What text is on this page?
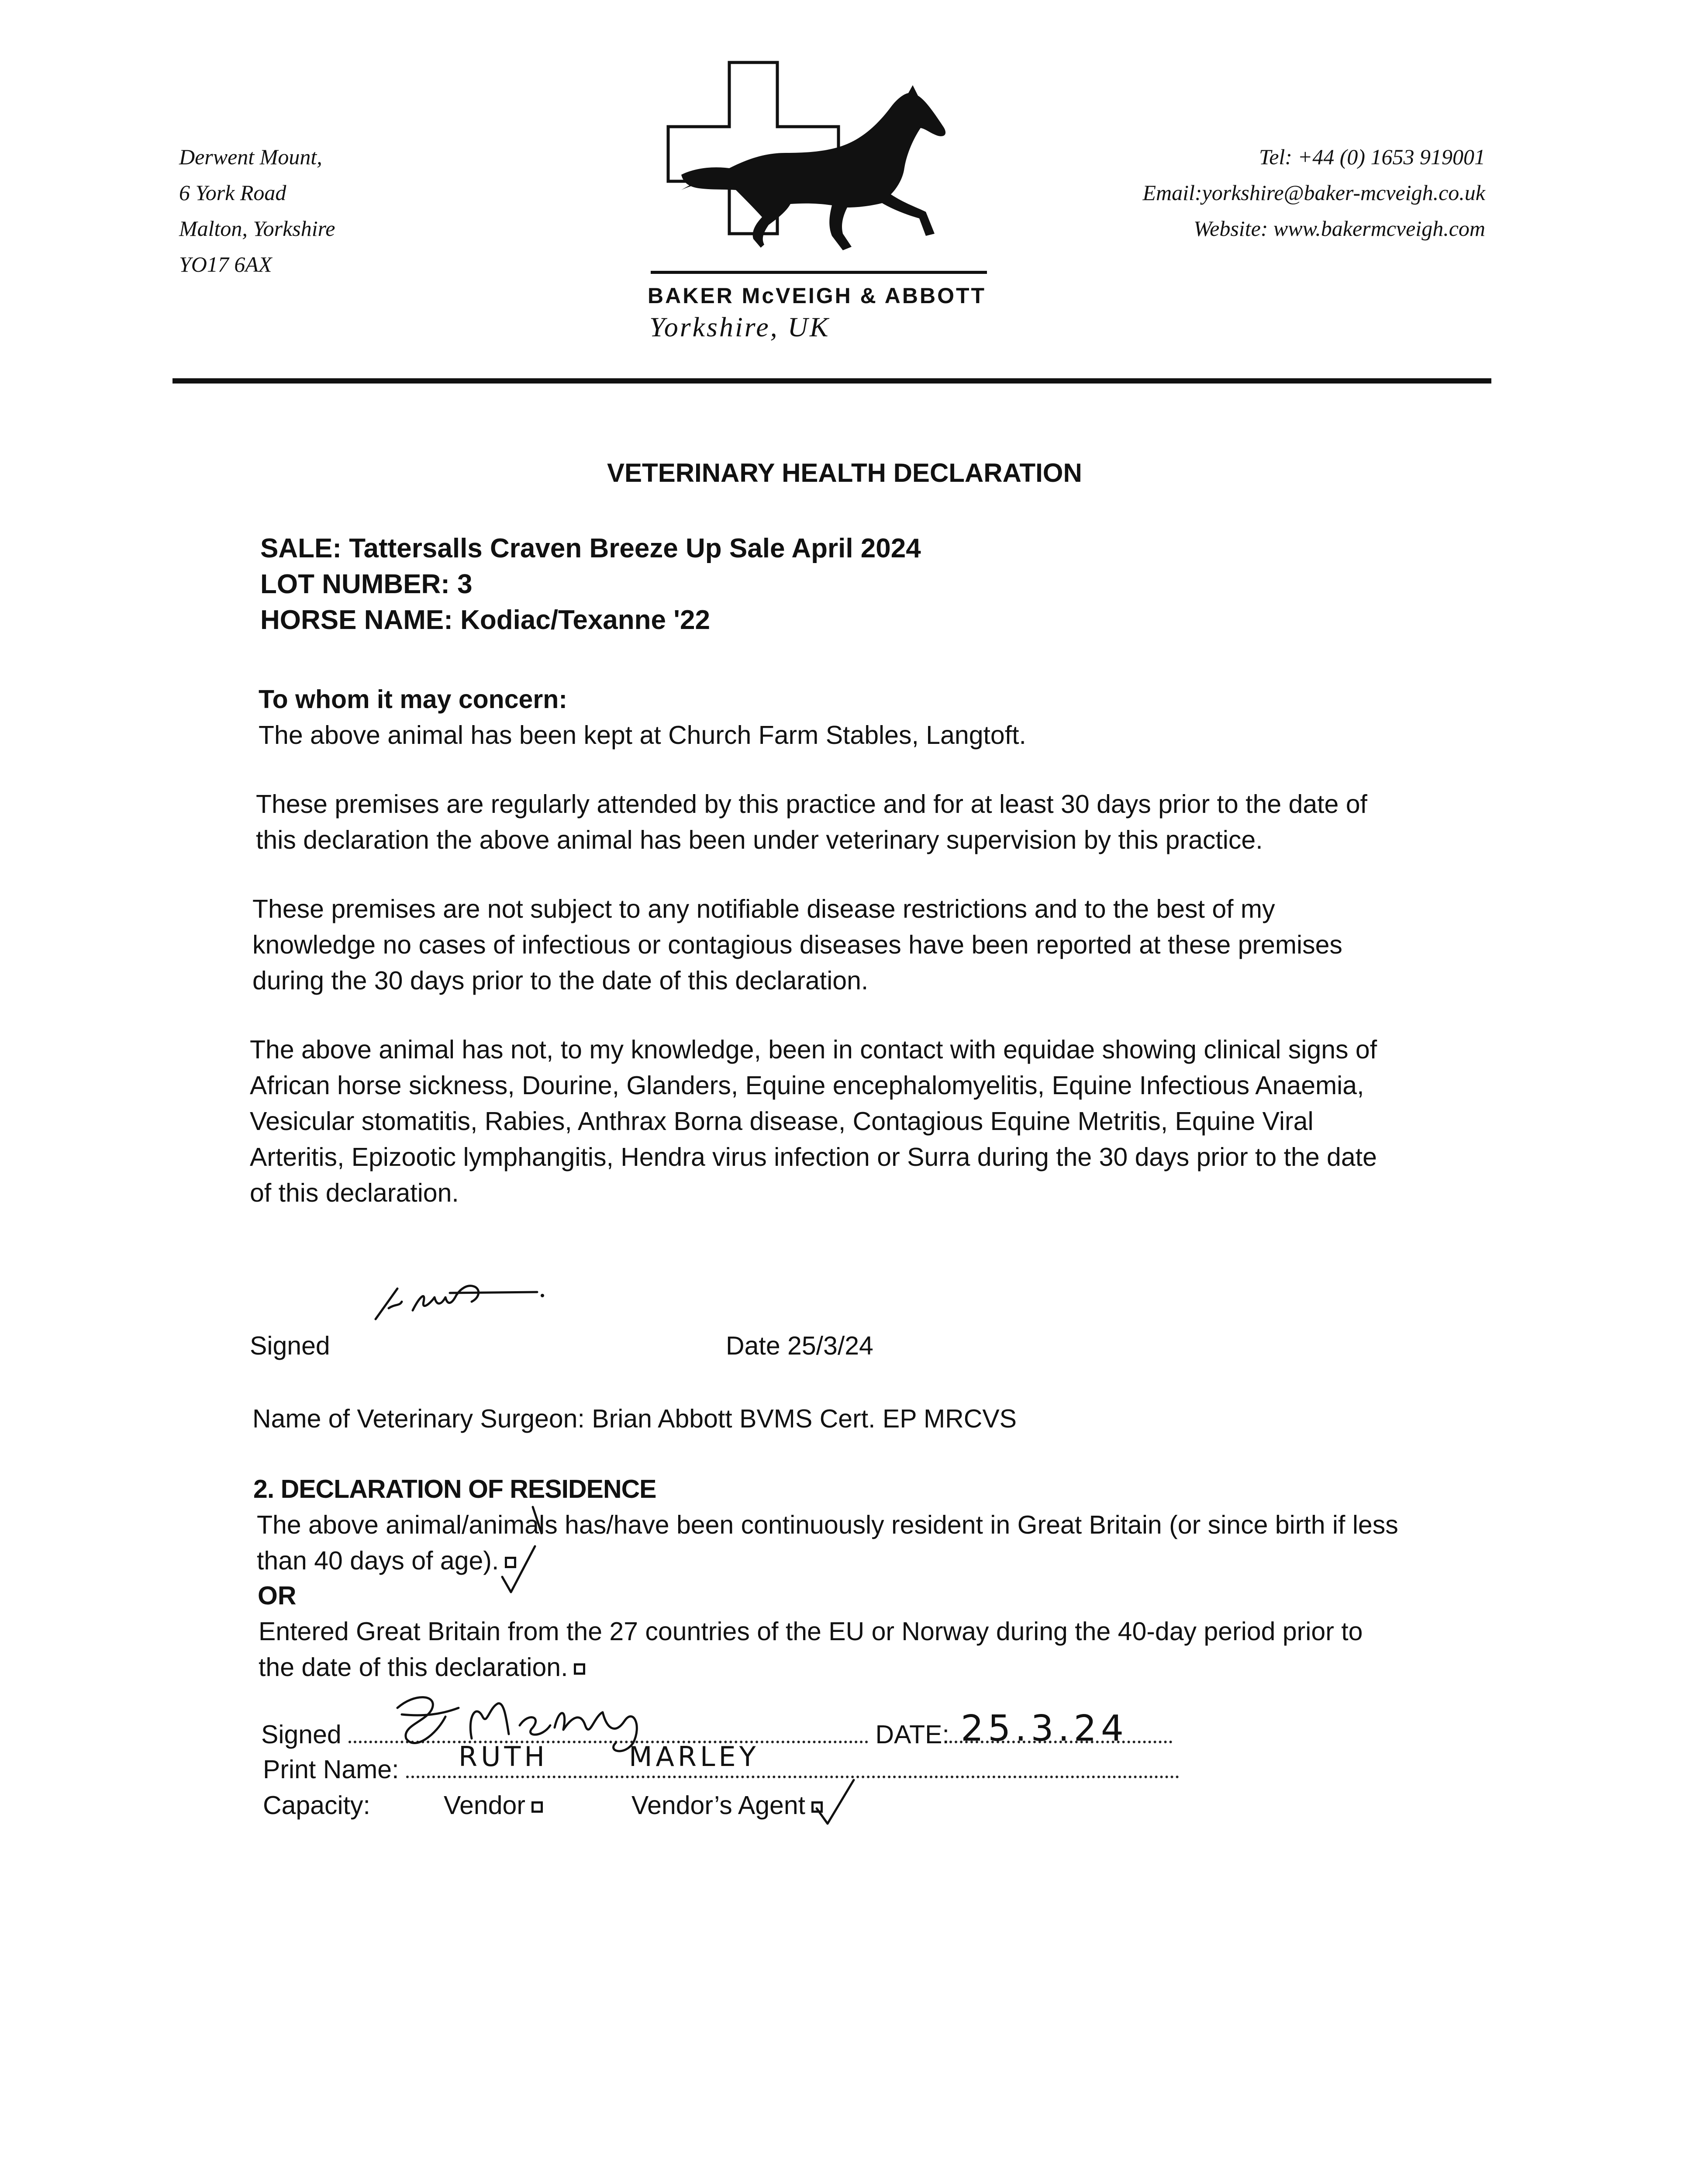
Derwent Mount,
6 York Road
Malton, Yorkshire
YO17 6AX
BAKER McVEIGH & ABBOTT
Yorkshire, UK
Tel: +44 (0) 1653 919001
Email:yorkshire@baker-mcveigh.co.uk
Website: www.bakermcveigh.com
VETERINARY HEALTH DECLARATION
SALE: Tattersalls Craven Breeze Up Sale April 2024
LOT NUMBER: 3
HORSE NAME: Kodiac/Texanne '22
To whom it may concern:
The above animal has been kept at Church Farm Stables, Langtoft.
These premises are regularly attended by this practice and for at least 30 days prior to the date of
this declaration the above animal has been under veterinary supervision by this practice.
These premises are not subject to any notifiable disease restrictions and to the best of my
knowledge no cases of infectious or contagious diseases have been reported at these premises
during the 30 days prior to the date of this declaration.
The above animal has not, to my knowledge, been in contact with equidae showing clinical signs of
African horse sickness, Dourine, Glanders, Equine encephalomyelitis, Equine Infectious Anaemia,
Vesicular stomatitis, Rabies, Anthrax Borna disease, Contagious Equine Metritis, Equine Viral
Arteritis, Epizootic lymphangitis, Hendra virus infection or Surra during the 30 days prior to the date
of this declaration.
Signed	Date 25/3/24
Name of Veterinary Surgeon: Brian Abbott BVMS Cert. EP MRCVS
2. DECLARATION OF RESIDENCE
The above animal/animals has/have been continuously resident in Great Britain (or since birth if less
than 40 days of age).
OR
Entered Great Britain from the 27 countries of the EU or Norway during the 40-day period prior to
the date of this declaration.
Signed	DATE: 25.3.24
Print Name:	RUTH	MARLEY
Capacity:	Vendor	Vendor’s Agent
